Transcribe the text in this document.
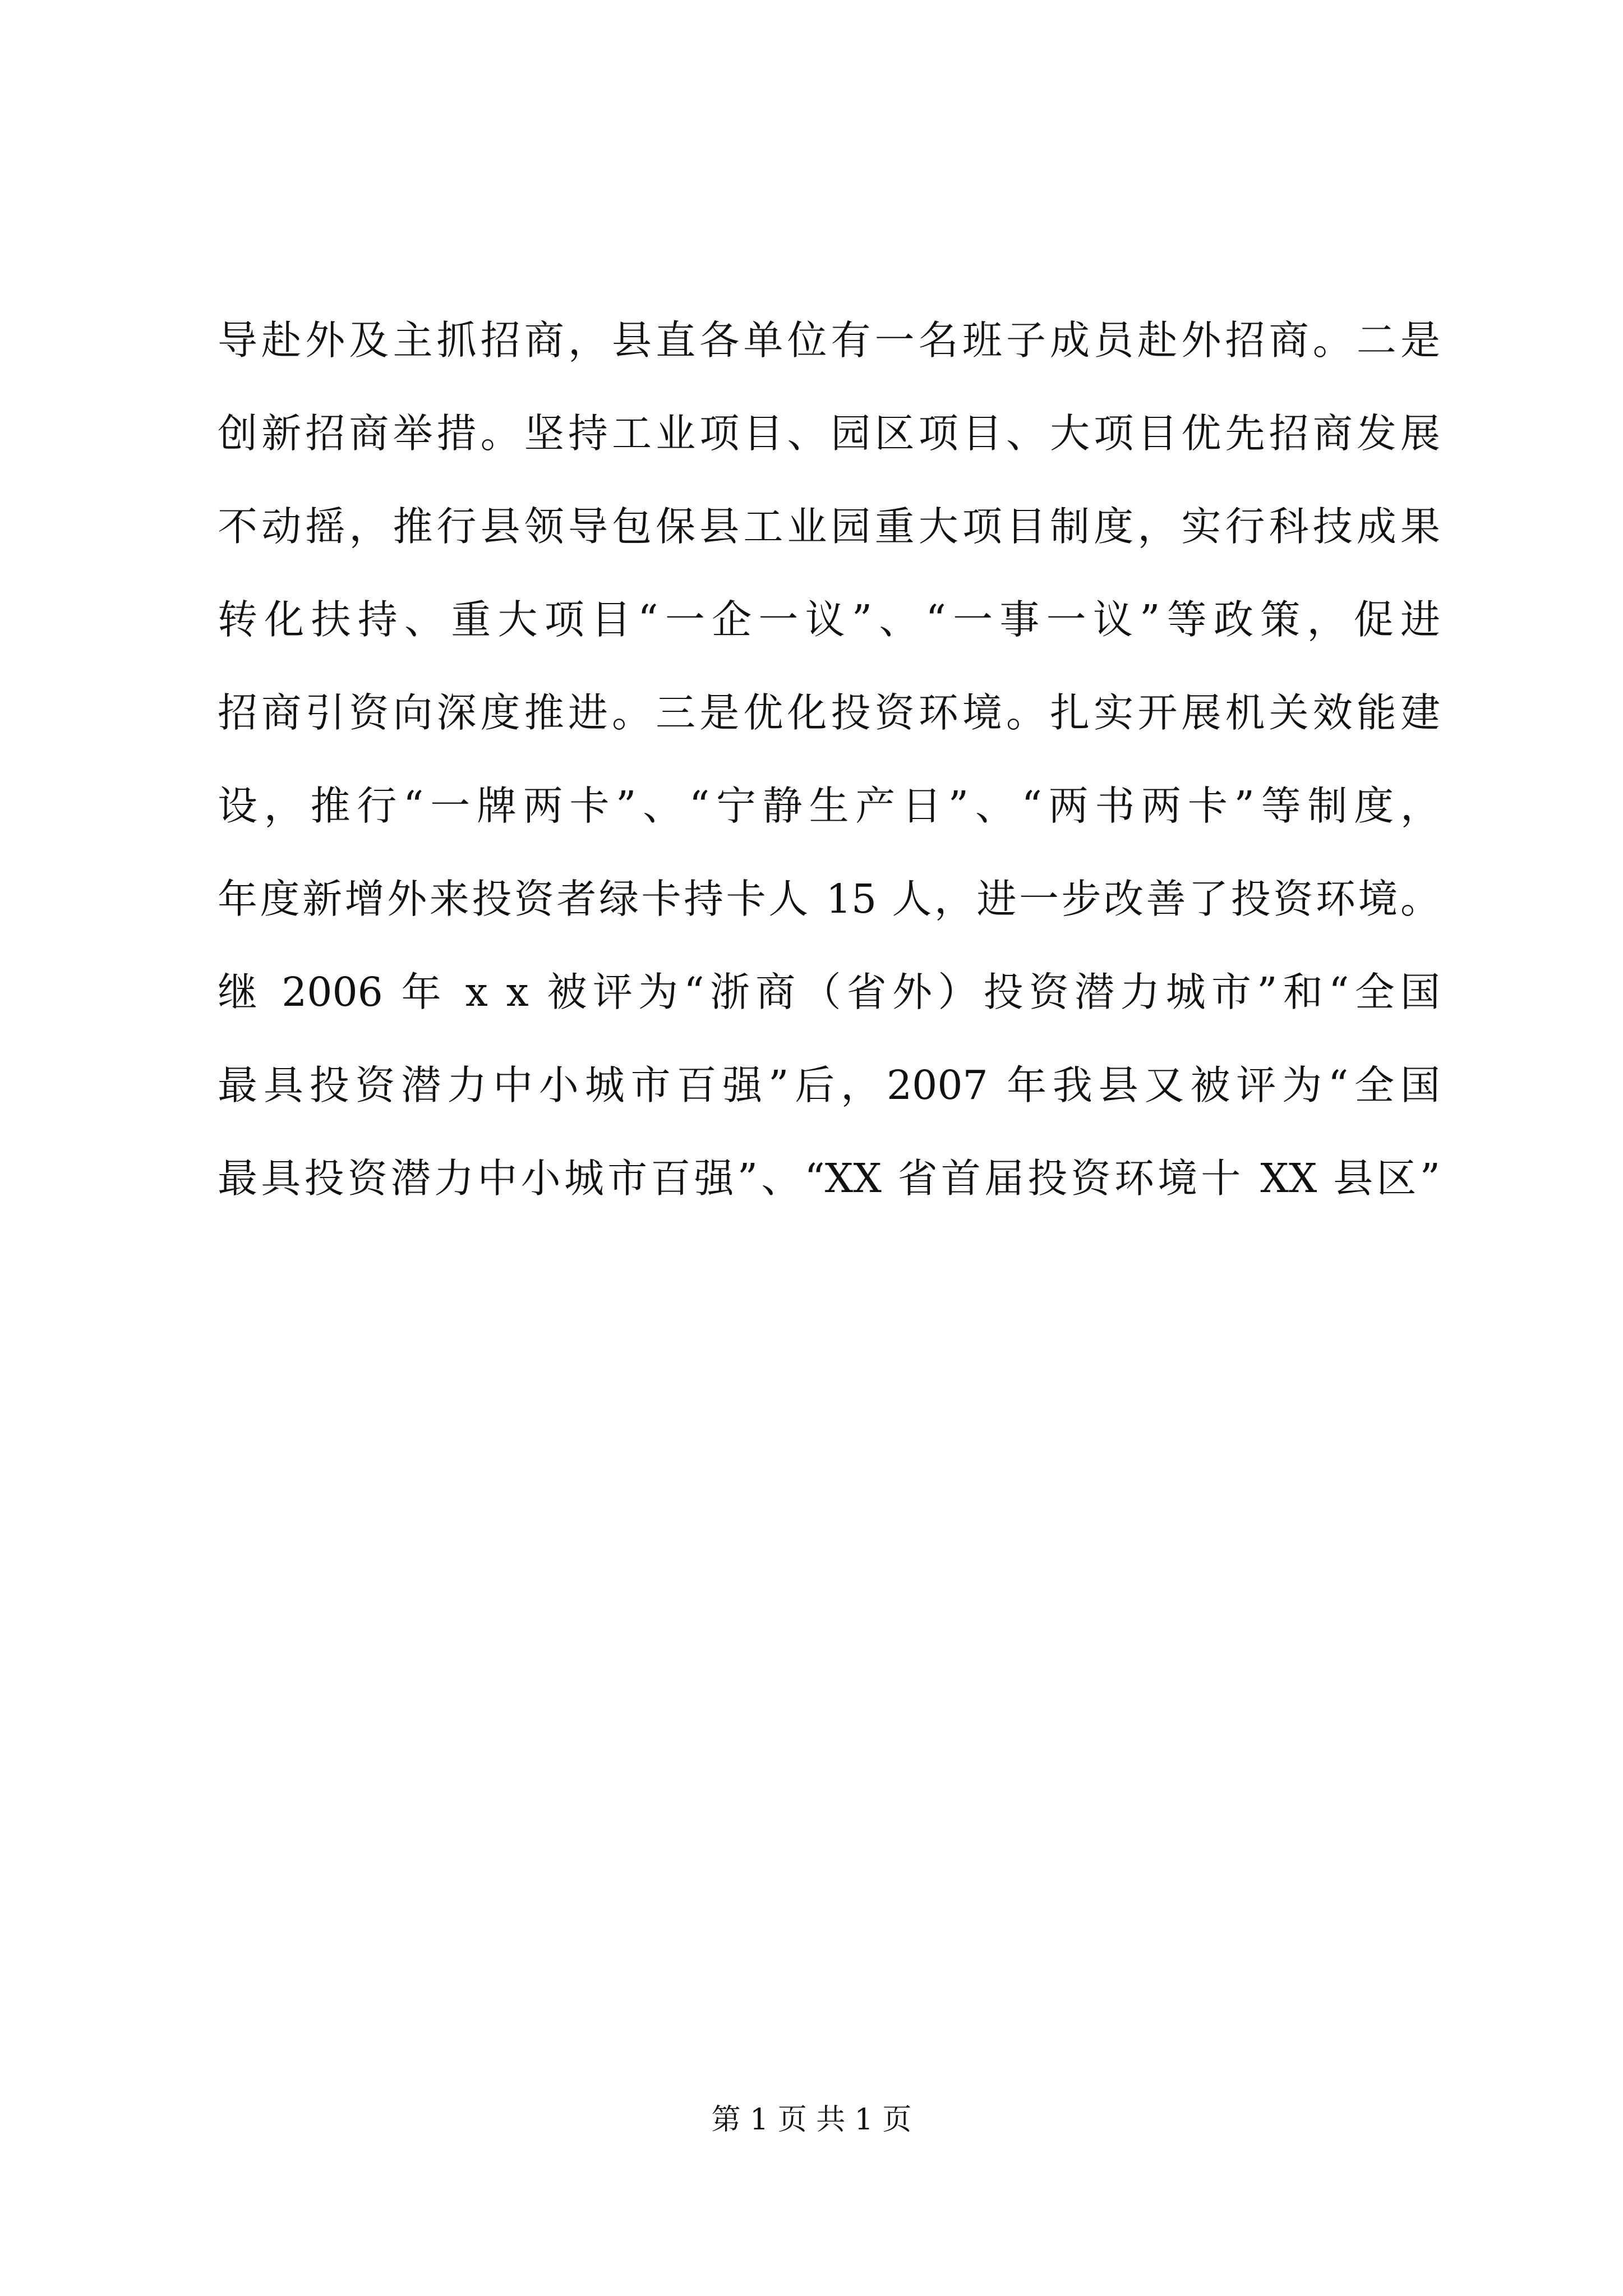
导赴外及主抓招商，县直各单位有一名班子成员赴外招商。二是
创新招商举措。坚持工业项目、园区项目、大项目优先招商发展
不动摇，推行县领导包保县工业园重大项目制度，实行科技成果
转化扶持、重大项目“一企一议”、“一事一议”等政策，促进
招商引资向深度推进。三是优化投资环境。扎实开展机关效能建
设，推行“一牌两卡”、“宁静生产日”、“两书两卡”等制度，
年度新增外来投资者绿卡持卡人 15 人，进一步改善了投资环境。
继 2006 年 x x 被评为“浙商（省外）投资潜力城市”和“全国
最具投资潜力中小城市百强”后，2007 年我县又被评为“全国
最具投资潜力中小城市百强”、“XX 省首届投资环境十 XX 县区”
第 1 页 共 1 页
